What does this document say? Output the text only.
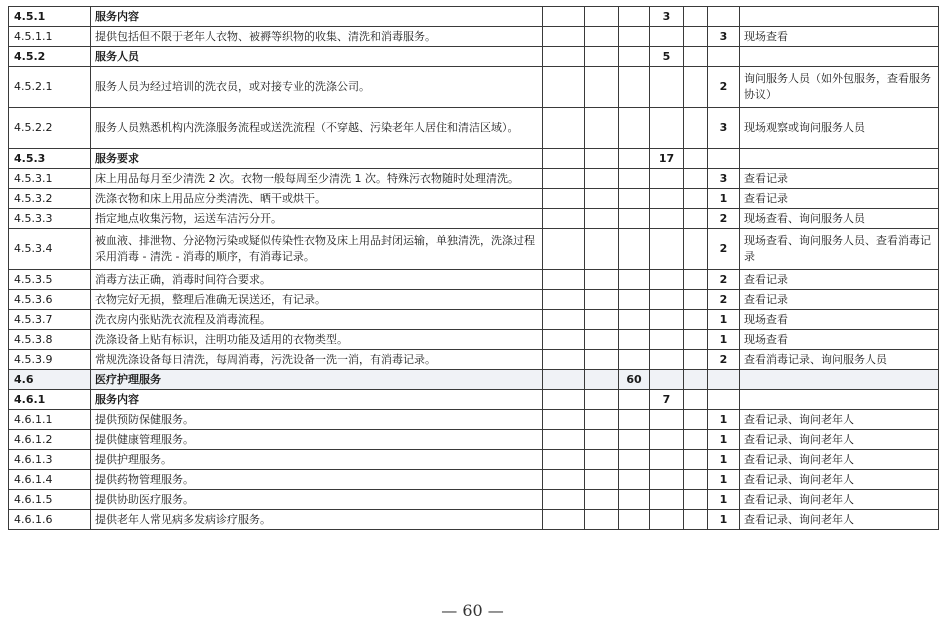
4.5.1	服务内容				3			
4.5.1.1	提供包括但不限于老年人衣物、被褥等织物的收集、清洗和消毒服务。						3	现场查看
4.5.2	服务人员				5			
4.5.2.1	服务人员为经过培训的洗衣员，或对接专业的洗涤公司。						2	询问服务人员（如外包服务，查看服务协议）
4.5.2.2	服务人员熟悉机构内洗涤服务流程或送洗流程（不穿越、污染老年人居住和清洁区域）。						3	现场观察或询问服务人员
4.5.3	服务要求				17			
4.5.3.1	床上用品每月至少清洗 2 次。衣物一般每周至少清洗 1 次。特殊污衣物随时处理清洗。						3	查看记录
4.5.3.2	洗涤衣物和床上用品应分类清洗、晒干或烘干。						1	查看记录
4.5.3.3	指定地点收集污物，运送车洁污分开。						2	现场查看、询问服务人员
4.5.3.4	被血液、排泄物、分泌物污染或疑似传染性衣物及床上用品封闭运输，单独清洗，洗涤过程采用消毒 - 清洗 - 消毒的顺序，有消毒记录。						2	现场查看、询问服务人员、查看消毒记录
4.5.3.5	消毒方法正确，消毒时间符合要求。						2	查看记录
4.5.3.6	衣物完好无损，整理后准确无误送还，有记录。						2	查看记录
4.5.3.7	洗衣房内张贴洗衣流程及消毒流程。						1	现场查看
4.5.3.8	洗涤设备上贴有标识，注明功能及适用的衣物类型。						1	现场查看
4.5.3.9	常规洗涤设备每日清洗，每周消毒，污洗设备一洗一消，有消毒记录。						2	查看消毒记录、询问服务人员
4.6	医疗护理服务			60				
4.6.1	服务内容				7			
4.6.1.1	提供预防保健服务。						1	查看记录、询问老年人
4.6.1.2	提供健康管理服务。						1	查看记录、询问老年人
4.6.1.3	提供护理服务。						1	查看记录、询问老年人
4.6.1.4	提供药物管理服务。						1	查看记录、询问老年人
4.6.1.5	提供协助医疗服务。						1	查看记录、询问老年人
4.6.1.6	提供老年人常见病多发病诊疗服务。						1	查看记录、询问老年人
— 60 —
